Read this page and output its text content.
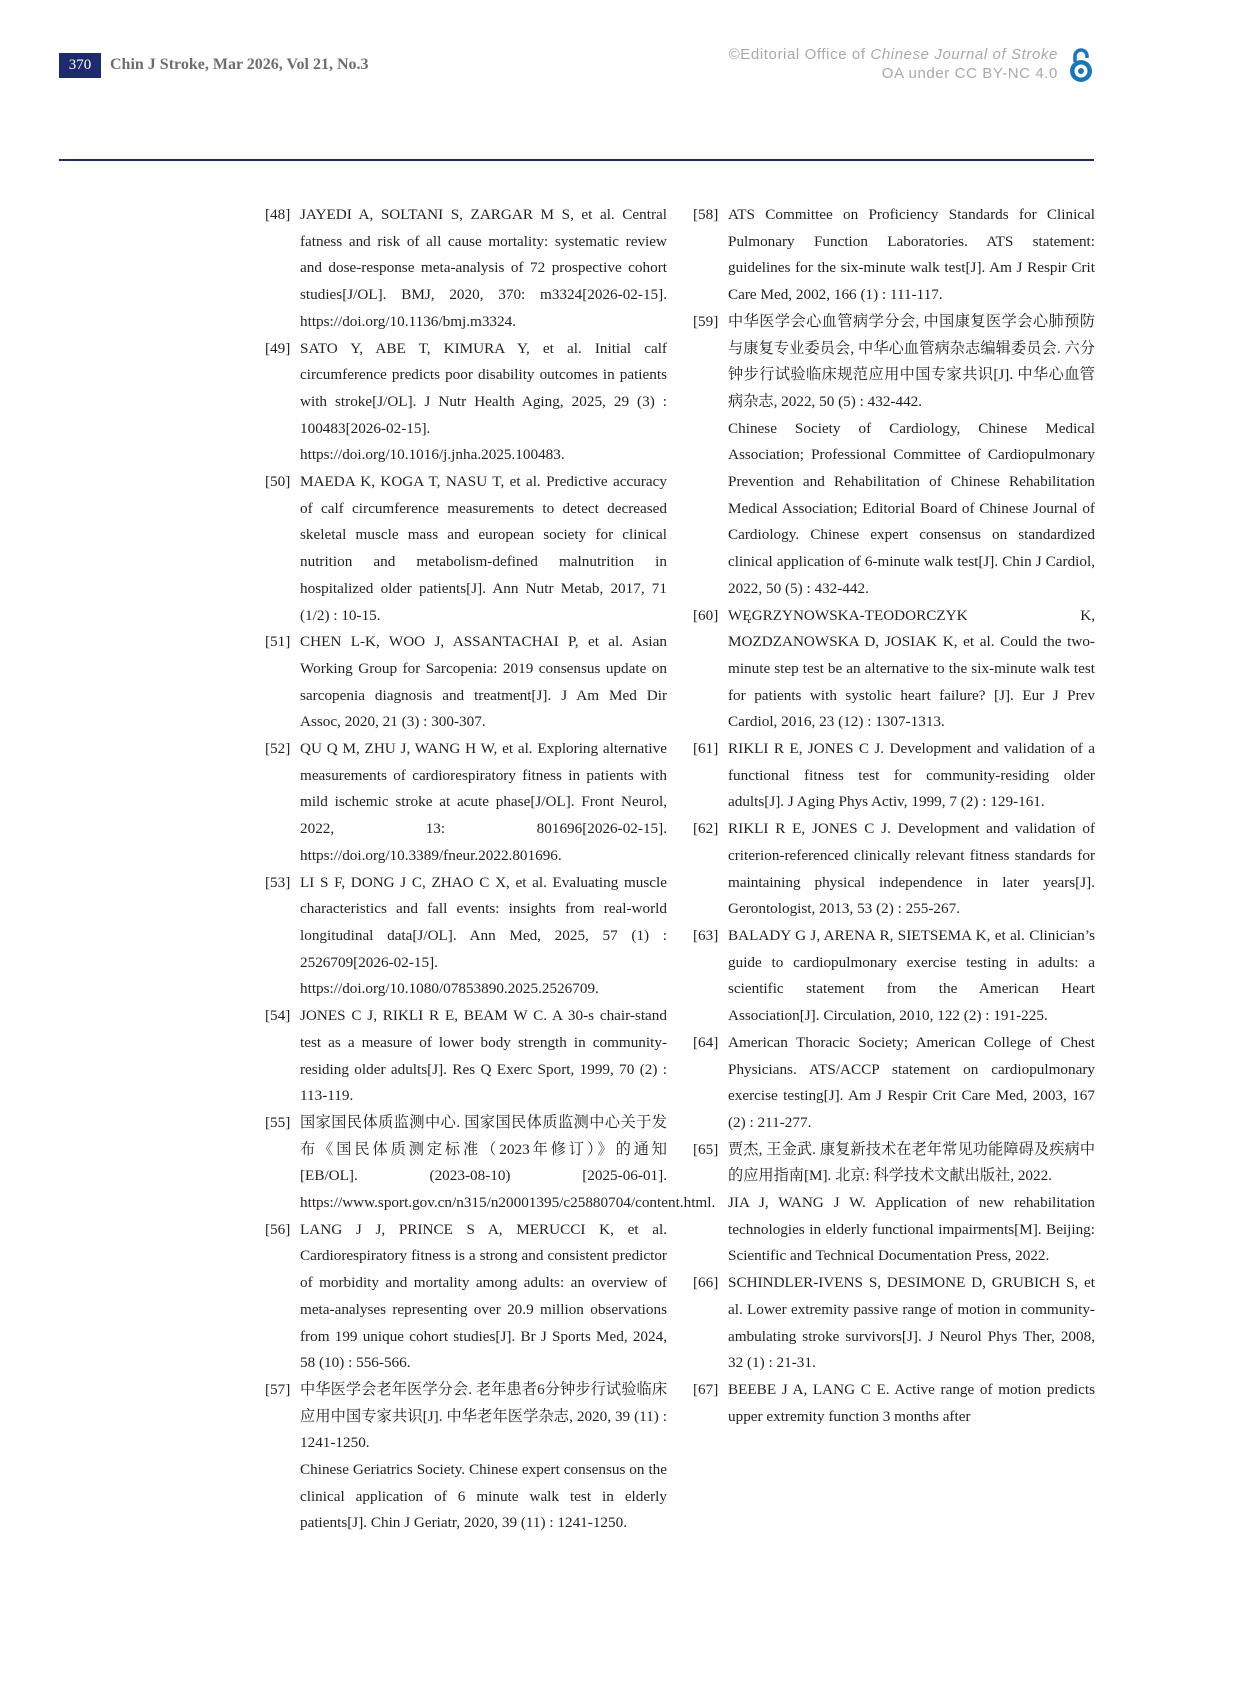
370	Chin J Stroke, Mar 2026, Vol 21, No.3
©Editorial Office of Chinese Journal of Stroke
OA under CC BY-NC 4.0
[48] JAYEDI A, SOLTANI S, ZARGAR M S, et al. Central fatness and risk of all cause mortality: systematic review and dose-response meta-analysis of 72 prospective cohort studies[J/OL]. BMJ, 2020, 370: m3324[2026-02-15]. https://doi.org/10.1136/bmj.m3324.
[49] SATO Y, ABE T, KIMURA Y, et al. Initial calf circumference predicts poor disability outcomes in patients with stroke[J/OL]. J Nutr Health Aging, 2025, 29 (3) : 100483[2026-02-15]. https://doi.org/10.1016/j.jnha.2025.100483.
[50] MAEDA K, KOGA T, NASU T, et al. Predictive accuracy of calf circumference measurements to detect decreased skeletal muscle mass and european society for clinical nutrition and metabolism-defined malnutrition in hospitalized older patients[J]. Ann Nutr Metab, 2017, 71 (1/2) : 10-15.
[51] CHEN L-K, WOO J, ASSANTACHAI P, et al. Asian Working Group for Sarcopenia: 2019 consensus update on sarcopenia diagnosis and treatment[J]. J Am Med Dir Assoc, 2020, 21 (3) : 300-307.
[52] QU Q M, ZHU J, WANG H W, et al. Exploring alternative measurements of cardiorespiratory fitness in patients with mild ischemic stroke at acute phase[J/OL]. Front Neurol, 2022, 13: 801696[2026-02-15]. https://doi.org/10.3389/fneur.2022.801696.
[53] LI S F, DONG J C, ZHAO C X, et al. Evaluating muscle characteristics and fall events: insights from real-world longitudinal data[J/OL]. Ann Med, 2025, 57 (1) : 2526709[2026-02-15]. https://doi.org/10.1080/07853890.2025.2526709.
[54] JONES C J, RIKLI R E, BEAM W C. A 30-s chair-stand test as a measure of lower body strength in community-residing older adults[J]. Res Q Exerc Sport, 1999, 70 (2) : 113-119.
[55] 国家国民体质监测中心. 国家国民体质监测中心关于发布《国民体质测定标准（2023年修订）》的通知[EB/OL]. (2023-08-10) [2025-06-01]. https://www.sport.gov.cn/n315/n20001395/c25880704/content.html.
[56] LANG J J, PRINCE S A, MERUCCI K, et al. Cardiorespiratory fitness is a strong and consistent predictor of morbidity and mortality among adults: an overview of meta-analyses representing over 20.9 million observations from 199 unique cohort studies[J]. Br J Sports Med, 2024, 58 (10) : 556-566.
[57] 中华医学会老年医学分会. 老年患者6分钟步行试验临床应用中国专家共识[J]. 中华老年医学杂志, 2020, 39 (11) : 1241-1250.
Chinese Geriatrics Society. Chinese expert consensus on the clinical application of 6 minute walk test in elderly patients[J]. Chin J Geriatr, 2020, 39 (11) : 1241-1250.
[58] ATS Committee on Proficiency Standards for Clinical Pulmonary Function Laboratories. ATS statement: guidelines for the six-minute walk test[J]. Am J Respir Crit Care Med, 2002, 166 (1) : 111-117.
[59] 中华医学会心血管病学分会, 中国康复医学会心肺预防与康复专业委员会, 中华心血管病杂志编辑委员会. 六分钟步行试验临床规范应用中国专家共识[J]. 中华心血管病杂志, 2022, 50 (5) : 432-442.
Chinese Society of Cardiology, Chinese Medical Association; Professional Committee of Cardiopulmonary Prevention and Rehabilitation of Chinese Rehabilitation Medical Association; Editorial Board of Chinese Journal of Cardiology. Chinese expert consensus on standardized clinical application of 6-minute walk test[J]. Chin J Cardiol, 2022, 50 (5) : 432-442.
[60] WĘGRZYNOWSKA-TEODORCZYK K, MOZDZANOWSKA D, JOSIAK K, et al. Could the two-minute step test be an alternative to the six-minute walk test for patients with systolic heart failure? [J]. Eur J Prev Cardiol, 2016, 23 (12) : 1307-1313.
[61] RIKLI R E, JONES C J. Development and validation of a functional fitness test for community-residing older adults[J]. J Aging Phys Activ, 1999, 7 (2) : 129-161.
[62] RIKLI R E, JONES C J. Development and validation of criterion-referenced clinically relevant fitness standards for maintaining physical independence in later years[J]. Gerontologist, 2013, 53 (2) : 255-267.
[63] BALADY G J, ARENA R, SIETSEMA K, et al. Clinician’s guide to cardiopulmonary exercise testing in adults: a scientific statement from the American Heart Association[J]. Circulation, 2010, 122 (2) : 191-225.
[64] American Thoracic Society; American College of Chest Physicians. ATS/ACCP statement on cardiopulmonary exercise testing[J]. Am J Respir Crit Care Med, 2003, 167 (2) : 211-277.
[65] 贾杰, 王金武. 康复新技术在老年常见功能障碍及疾病中的应用指南[M]. 北京: 科学技术文献出版社, 2022.
JIA J, WANG J W. Application of new rehabilitation technologies in elderly functional impairments[M]. Beijing: Scientific and Technical Documentation Press, 2022.
[66] SCHINDLER-IVENS S, DESIMONE D, GRUBICH S, et al. Lower extremity passive range of motion in community-ambulating stroke survivors[J]. J Neurol Phys Ther, 2008, 32 (1) : 21-31.
[67] BEEBE J A, LANG C E. Active range of motion predicts upper extremity function 3 months after
